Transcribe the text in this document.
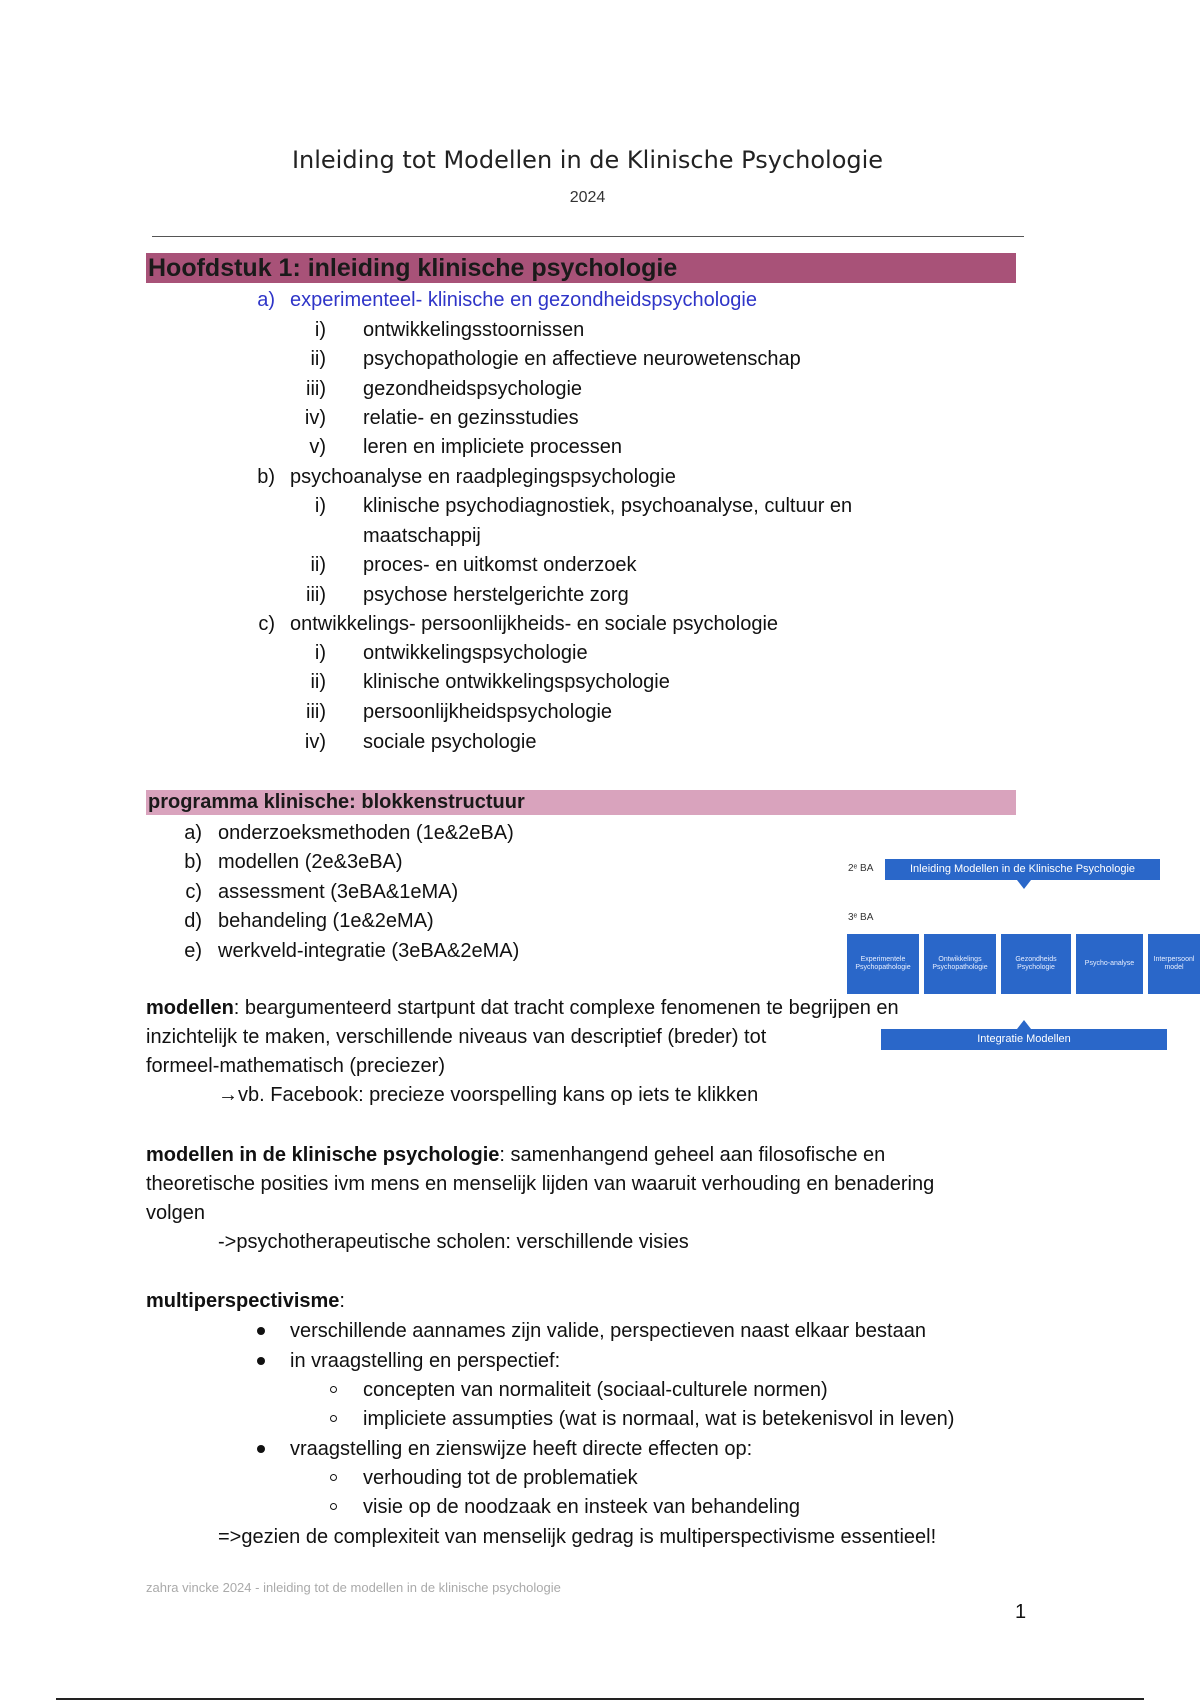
Inleiding tot Modellen in de Klinische Psychologie
2024
Hoofdstuk 1: inleiding klinische psychologie
a) experimenteel- klinische en gezondheidspsychologie
i) ontwikkelingsstoornissen
ii) psychopathologie en affectieve neurowetenschap
iii) gezondheidspsychologie
iv) relatie- en gezinsstudies
v) leren en impliciete processen
b) psychoanalyse en raadplegingspsychologie
i) klinische psychodiagnostiek, psychoanalyse, cultuur en
maatschappij
ii) proces- en uitkomst onderzoek
iii) psychose herstelgerichte zorg
c) ontwikkelings- persoonlijkheids- en sociale psychologie
i) ontwikkelingspsychologie
ii) klinische ontwikkelingspsychologie
iii) persoonlijkheidspsychologie
iv) sociale psychologie
programma klinische: blokkenstructuur
a) onderzoeksmethoden (1e&2eBA)
b) modellen (2e&3eBA)
c) assessment (3eBA&1eMA)
d) behandeling (1e&2eMA)
e) werkveld-integratie (3eBA&2eMA)
2ᵉ BA	Inleiding Modellen in de Klinische Psychologie
3ᵉ BA
Experimentele
Psychopathologie
Ontwikkelings
Psychopathologie
Gezondheids
Psychologie
Psycho-analyse

Interpersoonl
model
Integratie Modellen
modellen: beargumenteerd startpunt dat tracht complexe fenomenen te begrijpen en
inzichtelijk te maken, verschillende niveaus van descriptief (breder) tot
formeel-mathematisch (preciezer)
→vb. Facebook: precieze voorspelling kans op iets te klikken
modellen in de klinische psychologie: samenhangend geheel aan filosofische en
theoretische posities ivm mens en menselijk lijden van waaruit verhouding en benadering
volgen
->psychotherapeutische scholen: verschillende visies
multiperspectivisme:
verschillende aannames zijn valide, perspectieven naast elkaar bestaan
in vraagstelling en perspectief:
concepten van normaliteit (sociaal-culturele normen)
impliciete assumpties (wat is normaal, wat is betekenisvol in leven)
vraagstelling en zienswijze heeft directe effecten op:
verhouding tot de problematiek
visie op de noodzaak en insteek van behandeling
=>gezien de complexiteit van menselijk gedrag is multiperspectivisme essentieel!
zahra vincke 2024 - inleiding tot de modellen in de klinische psychologie
1
